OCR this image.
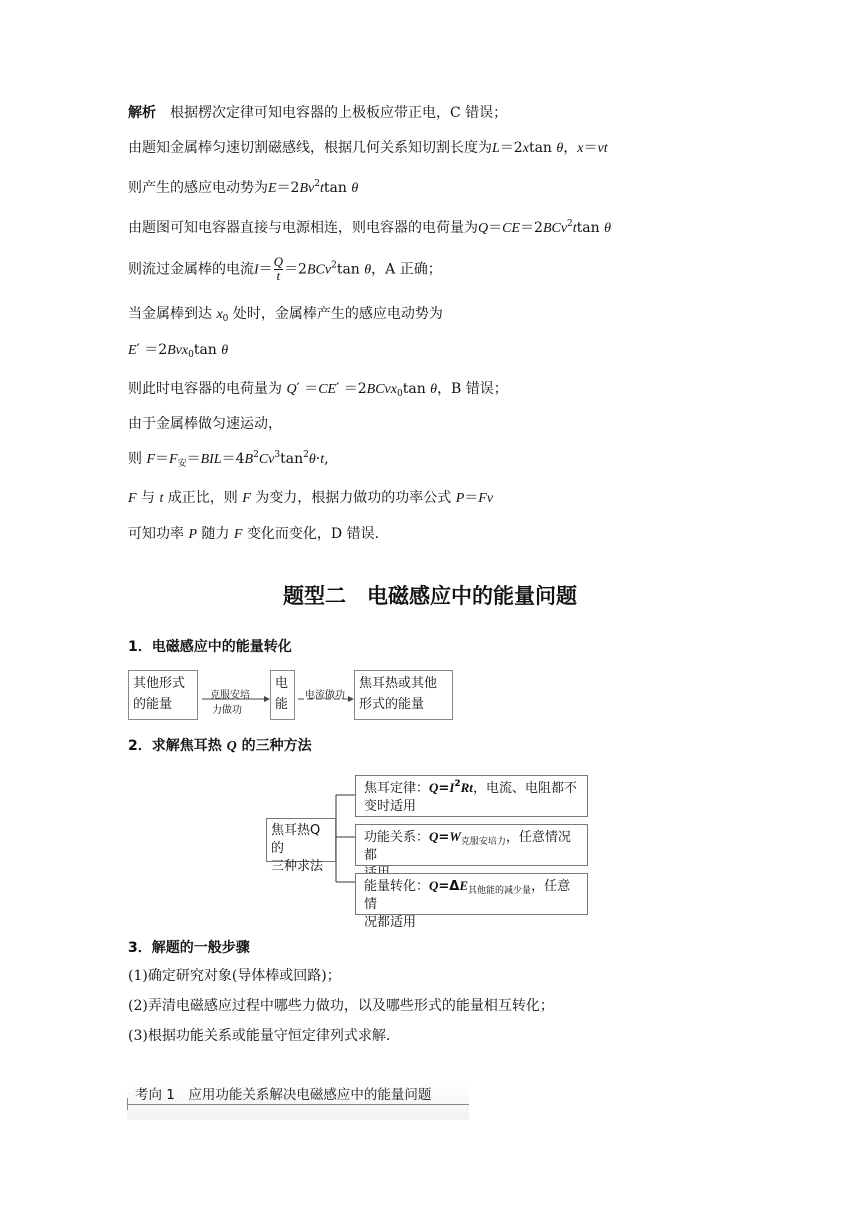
解析　 根据楞次定律可知电容器的上极板应带正电，C 错误；
由题知金属棒匀速切割磁感线，根据几何关系知切割长度为L＝2xtan θ，x＝vt
则产生的感应电动势为$E=2Bv^2ttan$ θ
由题图可知电容器直接与电源相连，则电容器的电荷量为Q＝CE＝2BCv$^2$ttan θ
则流过金属棒的电流$I= \frac{Q}{t} =2BCv^2\tan$ θ，A 正确；
当金属棒到达 $x_0$ 处时，金属棒产生的感应电动势为
E′ ＝2Bvx$_0$tan θ
则此时电容器的电荷量为 Q′ ＝CE′ ＝2BCvx$_0$tan θ，B 错误；
由于金属棒做匀速运动，
则 $F=F_安=BIL=4B^2Cv^3\tan^2\theta\cdot t$,
F 与 t 成正比，则 F 为变力，根据力做功的功率公式 P＝Fv
可知功率 P 随力 F 变化而变化，D 错误.
题型二　电磁感应中的能量问题
1．电磁感应中的能量转化
其他形式
的能量
克服安培
力做功
电
能
电流做功
焦耳热或其他
形式的能量
2．求解焦耳热 Q 的三种方法
焦耳热Q的
三种求法
焦耳定律：$Q=I^2Rt$，电流、电阻都不
变时适用
功能关系：$Q=W_{克服安培力}$，任意情况都
能量转化：$Q=\Delta E_{其他能的减少量}$，任意情
况都适用
3．解题的一般步骤
(1)确定研究对象(导体棒或回路)；
(2)弄清电磁感应过程中哪些力做功，以及哪些形式的能量相互转化；
(3)根据功能关系或能量守恒定律列式求解.
考向 1　应用功能关系解决电磁感应中的能量问题
